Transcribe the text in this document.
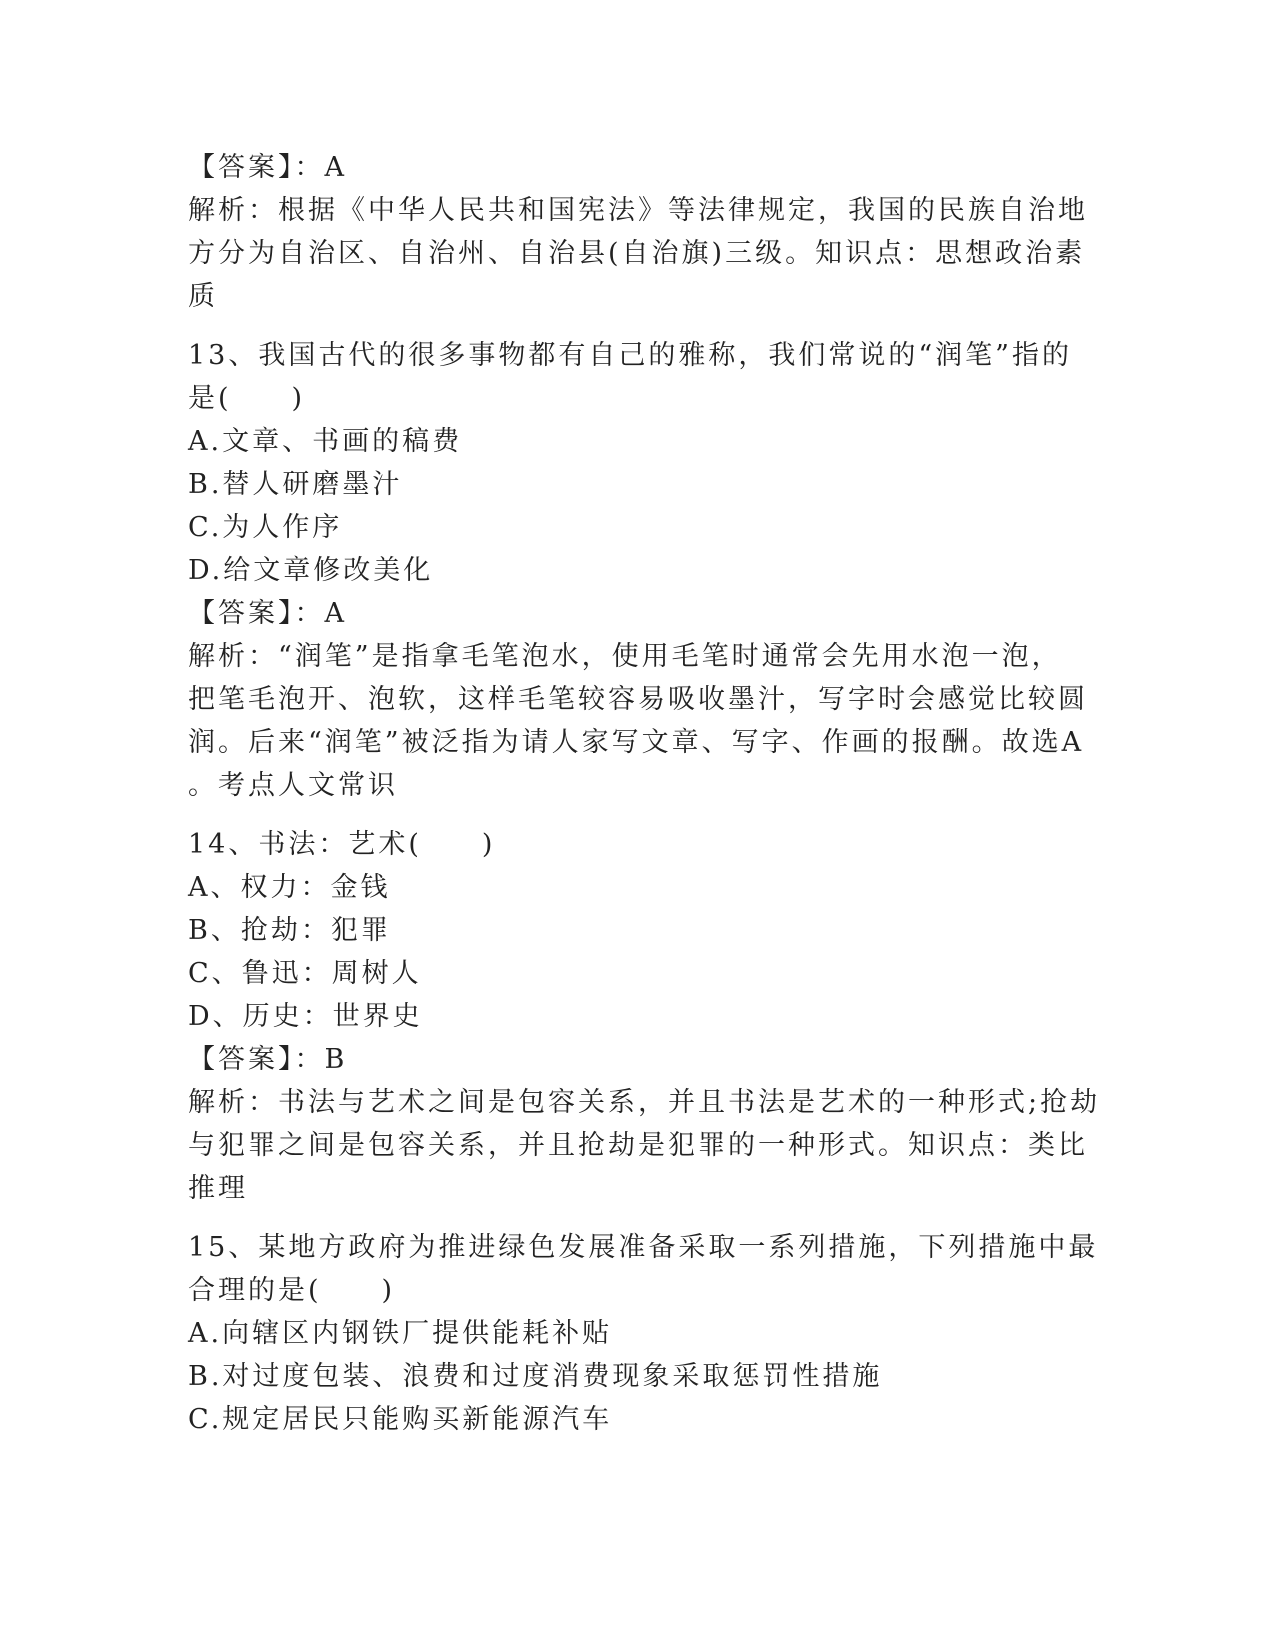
【答案】：A
解析：根据《中华人民共和国宪法》等法律规定，我国的民族自治地
方分为自治区、自治州、自治县(自治旗)三级。知识点：思想政治素
质
13、我国古代的很多事物都有自己的雅称，我们常说的“润笔”指的
是(　　)
A.文章、书画的稿费
B.替人研磨墨汁
C.为人作序
D.给文章修改美化
【答案】：A
解析：“润笔”是指拿毛笔泡水，使用毛笔时通常会先用水泡一泡，
把笔毛泡开、泡软，这样毛笔较容易吸收墨汁，写字时会感觉比较圆
润。后来“润笔”被泛指为请人家写文章、写字、作画的报酬。故选A
。考点人文常识
14、书法：艺术(　　)
A、权力：金钱
B、抢劫：犯罪
C、鲁迅：周树人
D、历史：世界史
【答案】：B
解析：书法与艺术之间是包容关系，并且书法是艺术的一种形式;抢劫
与犯罪之间是包容关系，并且抢劫是犯罪的一种形式。知识点：类比
推理
15、某地方政府为推进绿色发展准备采取一系列措施，下列措施中最
合理的是(　　)
A.向辖区内钢铁厂提供能耗补贴
B.对过度包装、浪费和过度消费现象采取惩罚性措施
C.规定居民只能购买新能源汽车
